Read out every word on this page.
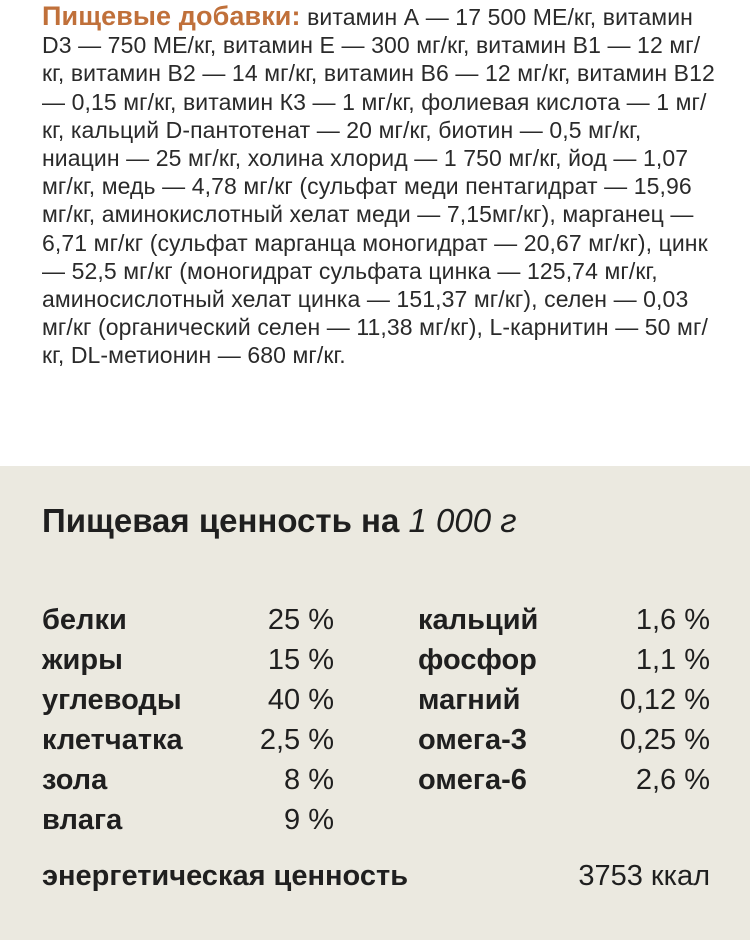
Пищевые добавки: витамин А — 17 500 МЕ/кг, витамин D3 — 750 МЕ/кг, витамин Е — 300 мг/кг, витамин В1 — 12 мг/кг, витамин В2 — 14 мг/кг, витамин В6 — 12 мг/кг, витамин В12 — 0,15 мг/кг, витамин К3 — 1 мг/кг, фолиевая кислота — 1 мг/кг, кальций D-пантотенат — 20 мг/кг, биотин — 0,5 мг/кг, ниацин — 25 мг/кг, холина хлорид — 1 750 мг/кг, йод — 1,07 мг/кг, медь — 4,78 мг/кг (сульфат меди пентагидрат — 15,96 мг/кг, аминокислотный хелат меди — 7,15мг/кг), марганец — 6,71 мг/кг (сульфат марганца моногидрат — 20,67 мг/кг), цинк — 52,5 мг/кг (моногидрат сульфата цинка — 125,74 мг/кг, аминосислотный хелат цинка — 151,37 мг/кг), селен — 0,03 мг/кг (органический селен — 11,38 мг/кг), L-карнитин — 50 мг/кг, DL-метионин — 680 мг/кг.

Пищевая ценность на 1 000 г
белки	25 %
жиры	15 %
углеводы	40 %
клетчатка	2,5 %
зола	8 %
влага	9 %
кальций	1,6 %
фосфор	1,1 %
магний	0,12 %
омега-3	0,25 %
омега-6	2,6 %
энергетическая ценность	3753 ккал
